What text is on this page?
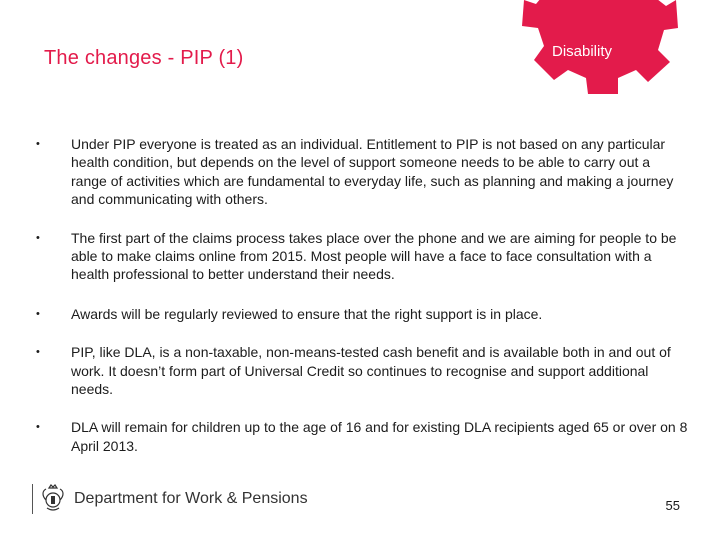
Disability
The changes - PIP (1)
• Under PIP everyone is treated as an individual. Entitlement to PIP is not based on any particular health condition, but depends on the level of support someone needs to be able to carry out a range of activities which are fundamental to everyday life, such as planning and making a journey and communicating with others.
• The first part of the claims process takes place over the phone and we are aiming for people to be able to make claims online from 2015. Most people will have a face to face consultation with a health professional to better understand their needs.
• Awards will be regularly reviewed to ensure that the right support is in place.
• PIP, like DLA, is a non-taxable, non-means-tested cash benefit and is available both in and out of work. It doesn’t form part of Universal Credit so continues to recognise and support additional needs.
• DLA will remain for children up to the age of 16 and for existing DLA recipients aged 65 or over on 8 April 2013.
Department for Work & Pensions	55
